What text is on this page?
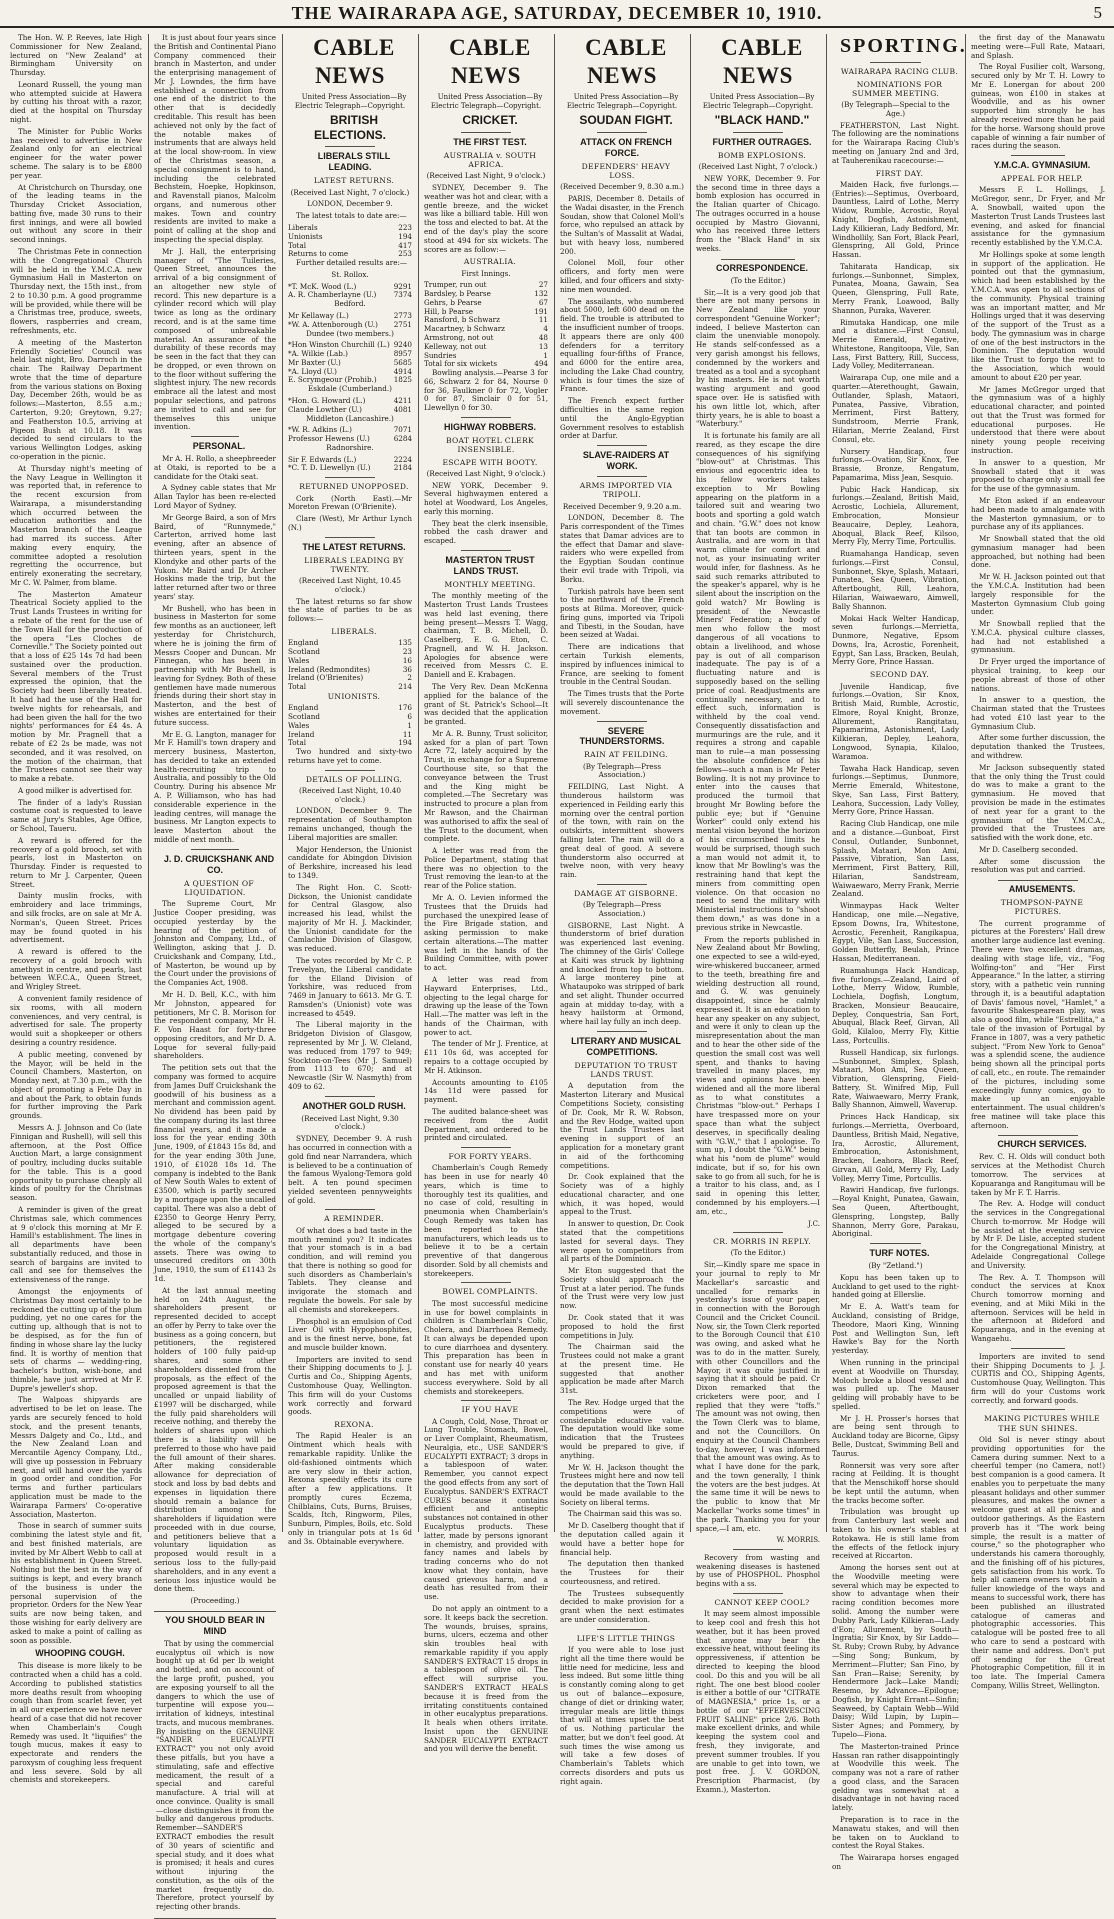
THE WAIRARAPA AGE, SATURDAY, DECEMBER 10, 1910.	5

The Hon. W. P. Reeves, late High Commissioner for New Zealand, lectured on "New Zealand" at Birmingham University on Thursday.

Leonard Russell, the young man who attempted suicide at Hawera by cutting his throat with a razor, died at the hospital on Thursday night.

The Minister for Public Works has received to advertise in New Zealand only for an electrical engineer for the water power scheme. The salary is to be £800 per year.

At Christchurch on Thursday, one of the leading teams in the Thursday Cricket Association, batting five, made 30 runs to their first innings, and were all bowled out without any score in their second innings.

The Christmas Fete in connection with the Congregational Church will be held in the Y.M.C.A. new Gymnasium Hall in Masterton on Thursday next, the 15th inst., from 2 to 10.30 p.m. A good programme will be provided, while there will be a Christmas tree, produce, sweets, flowers, raspberries and cream, refreshments, etc.

A meeting of the Masterton Friendly Societies' Council was held last night, Bro. Darroch in the chair. The Railway Department wrote that the time of departure from the various stations on Boxing Day, December 26th, would be as follows:—Masterton, 8.55 a.m.; Carterton, 9.20; Greytown, 9.27; and Featherston 10.5, arriving at Pigeon Bush at 10.18. It was decided to send circulars to the various Wellington Lodges, asking co-operation in the picnic.

At Thursday night's meeting of the Navy League in Wellington it was reported that, in reference to the recent excursion from Wairarapa, a misunderstanding which occurred between the education authorities and the Masterton branch of the League had marred its success. After making every enquiry, the committee adopted a resolution regretting the occurrence, but entirely exonerating the secretary, Mr C. W. Palmer, from blame.

The Masterton Amateur Theatrical Society applied to the Trust Lands Trustees in writing for a rebate of the rent for the use of the Town Hall for the production of the opera "Les Cloches de Corneville." The Society pointed out that a loss of £25 14s 7d had been sustained over the production. Several members of the Trust expressed the opinion, that the Society had been liberally treated. It had had the use of the Hall for twelve nights for rehearsals, and had been given the hall for the two nights' performances for £4 4s. A motion by Mr. Pragnell that a rebate of £2 2s be made, was not seconded, and it was resolved, on the motion of the chairman, that the Trustees cannot see their way to make a rebate.

A good milker is advertised for.

The finder of a lady's Russian costume coat is requested to leave same at Jury's Stables, Age Office, or School, Taueru.

A reward is offered for the recovery of a gold brooch, set with pearls, lost in Masterton on Thursday. Finder is requested to return to Mr J. Carpenter, Queen Street.

Dainty muslin frocks, with embroidery and lace trimmings, and silk frocks, are on sale at Mr A. Norman's, Queen Street. Prices may be found quoted in his advertisement.

A reward is offered to the recovery of a gold brooch with amethyst in centre, and pearls, last between W.F.C.A., Queen Street, and Wrigley Street.

A convenient family residence of six rooms, with all modern conveniences, and very central, is advertised for sale. The property would suit a shopkeeper or others desiring a country residence.

A public meeting, convened by the Mayor, will be held in the Council Chambers, Masterton, on Monday next, at 7.30 p.m., with the object of promoting a Fete Day in and about the Park, to obtain funds for further improving the Park grounds.

Messrs A. J. Johnson and Co (late Finnigan and Rushell), will sell this afternoon, at the Post Office Auction Mart, a large consignment of poultry, including ducks suitable for the table. This is a good opportunity to purchase cheaply all kinds of poultry for the Christmas season.

A reminder is given of the great Christmas sale, which commences at 9 o'clock this morning at Mr F. Hamill's establishment. The lines in all departments have been substantially reduced, and those in search of bargains are invited to call and see for themselves the extensiveness of the range.

Amongst the enjoyments of Christmas Day most certainly to be reckoned the cutting up of the plum pudding, yet no one cares for the cutting up, although that is not to be despised, as for the fun of finding in whose share lay the lucky find. It is worthy of mention that sets of charms — wedding-ring, bachelor's button, wish-bone, and thimble, have just arrived at Mr F. Dupre's jeweller's shop.

The Walpoas shipyards are advertised to be let on lease. The yards are securely fenced to hold stock, and the present tenants, Messrs Dalgety and Co., Ltd., and the New Zealand Loan and Mercantile Agency Company, Ltd., will give up possession in February next, and will hand over the yards in good order and condition. For terms and further particulars application must be made to the Wairarapa Farmers' Co-operative Association, Masterton.

Those in search of summer suits combining the latest style and fit, and best finished materials, are invited by Mr Albert Webb to call at his establishment in Queen Street. Nothing but the best in the way of suitings is kept, and every branch of the business is under the personal supervision of the proprietor. Orders for the New Year suits are now being taken, and those wishing for early delivery are asked to make a point of calling as soon as possible.

WHOOPING COUGH.

This disease is more likely to be contracted when a child has a cold. According to published statistics more deaths result from whooping cough than from scarlet fever, yet in all our experience we have never heard of a case that did not recover when Chamberlain's Cough Remedy was used. It "liquifies" the tough mucus, makes it easy to expectorate and renders the paroxysm of coughing less frequent and less severe. Sold by all chemists and storekeepers.

It is just about four years since the British and Continental Piano Company commenced their branch in Masterton, and under the enterprising management of Mr J. Lowndes, the firm have established a connection from one end of the district to the other that is decidedly creditable. This result has been achieved not only by the fact of the notable makes of instruments that are always held at the local show-room. In view of the Christmas season, a special consignment is to hand, including the celebrated Bechstein, Hoepke, Hopkinson, and Ravenstall pianos, Malcolm organs, and numerous other makes. Town and country residents are invited to make a point of calling at the shop and inspecting the special display.

Mr J. Hall, the enterprising manager of "The Tuileries, Queen Street, announces the arrival of a big consignment of an altogether new style of record. This new departure is a cylinder record which will play twice as long as the ordinary record, and is at the same time composed of unbreakable material. An assurance of the durability of these records may be seen in the fact that they can be dropped, or even thrown on to the floor without suffering the slightest injury. The new records embrace all the latest and most popular selections, and patrons are invited to call and see for themselves this unique invention.

PERSONAL.

Mr A. H. Rollo, a sheepbreeder at Otaki, is reported to be a candidate for the Otaki seat.

A Sydney cable states that Mr Allan Taylor has been re-elected Lord Mayor of Sydney.

Mr George Baird, a son of Mrs Baird, of "Runnymede," Carterton, arrived home last evening, after an absence of thirteen years, spent in the Klondyke and other parts of the Yukon. Mr Baird and Dr Archer Hoskins made the trip, but the latter returned after two or three years' stay.

Mr Bushell, who has been in business in Masterton for some few months as an auctioneer, left yesterday for Christchurch, where he is joining the firm of Messrs Cooper and Duncan. Mr Finnegan, who has been in partnership with Mr Bushell, is leaving for Sydney. Both of these gentlemen have made numerous friends during their short stay in Masterton, and the best of wishes are entertained for their future success.

Mr E. G. Langton, manager for Mr F. Hamill's town drapery and mercery business, Masterton, has decided to take an extended health-recruiting trip to Australia, and possibly to the Old Country. During his absence Mr A. P. Williamson, who has had considerable experience in the leading centres, will manage the business. Mr Langton expects to leave Masterton about the middle of next month.

J. D. CRUICKSHANK AND CO.

A QUESTION OF LIQUIDATION.

The Supreme Court, Mr Justice Cooper presiding, was occupied yesterday by the hearing of the petition of Johnston and Company, Ltd., of Wellington, asking that J. D. Cruickshank and Company, Ltd., of Masterton, be wound up by the Court under the provisions of the Companies Act, 1908.

Mr H. D. Bell, K.C., with him Mr Johnston, appeared for petitioners, Mr C. B. Morison for the respondent company, Mr H. F. Von Haast for forty-three opposing creditors, and Mr D. A. Loque for several fully-paid shareholders.

The petition sets out that the company was formed to acquire from James Duff Cruickshank the goodwill of his business as a merchant and commission agent. No dividend has been paid by the company during its last three financial years, and it made a loss for the year ending 30th June, 1909, of £1843 15s 8d, and for the year ending 30th June, 1910, of £1028 18s 1d. The company is indebted to the Bank of New South Wales to extent of £3500, which is partly secured by a mortgage upon the uncalled capital. There was also a debt of £2350 to George Henry Perry, alleged to be secured by a mortgage debenture covering the whole of the company's assets. There was owing to unsecured creditors on 30th June, 1910, the sum of £1143 2s 1d.

At the last annual meeting held on 24th August, the shareholders present or represented decided to accept an offer by Perry to take over the business as a going concern, but petitioners, the registered holders of 100 fully paid-up shares, and some other shareholders dissented from the proposals, as the effect of the proposed agreement is that the uncalled or unpaid liability of £1997 will be discharged, while the fully paid shareholders will receive nothing, and thereby the holders of shares upon which there is a liability will be preferred to those who have paid the full amount of their shares. After making considerable allowance for depreciation of stock and loss by bad debts and expenses in liquidation there should remain a balance for distribution among the shareholders if liquidation were proceeded with in due course, and petitioners believe that a voluntary liquidation as proposed would result in a serious loss to the fully-paid shareholders, and in any event a serious loss injustice would be done them.

(Proceeding.)

YOU SHOULD BEAR IN MIND

That by using the commercial eucalyptus oil which is now bought up at 6d per lb weight and bottled, and on account of the large profit, pushed, you are exposing yourself to all the dangers to which the use of turpentine will expose you—irritation of kidneys, intestinal tracts, and mucous membranes. By insisting on the GENUINE "SANDER EUCALYPTI EXTRACT" you not only avoid these pitfalls, but you have a stimulating, safe and effective medicament, the result of a special and careful manufacture. A trial will at once convince. Quality is small—close distinguishes it from the bulky and dangerous products. Remember—SANDER'S EXTRACT embodies the result of 30 years of scientific and special study, and it does what is promised; it heals and cures without injuring the constitution, as the oils of the market frequently do. Therefore, protect yourself by rejecting other brands.

CABLE NEWS

United Press Association—By Electric Telegraph—Copyright.

BRITISH ELECTIONS.

LIBERALS STILL LEADING.

LATEST RETURNS.

(Received Last Night, 7 o'clock.)

LONDON, December 9.

The latest totals to date are:—

Liberals	223
Unionists	194
Total	417
Returns to come	253

Further detailed results are:—

St. Rollox.

*T. McK. Wood (L.)	9291
A. R. Chamberlayne (U.)	7374

Bedford.

Mr Kellaway (L.)	2773
*W. A. Attenborough (U.)	2751

Dundee (two members.)

*Hon Winston Churchill (L.)	9240
*A. Wilkie (Lab.)	8957
Mr Baxter (U.)	5685
*A. Lloyd (U.)	4914
E. Scrymgeour (Prohib.)	1825

Eskdale (Cumberland.)

*Hon. G. Howard (L.)	4211
Claude Lowther (U.)	4081

Middleton (Lancashire.)

*W. R. Adkins (L.)	7071
Professor Hewens (U.)	6284

Radnorshire.

Sir F. Edwards (L.)	2224
*C. T. D. Llewellyn (U.)	2184

RETURNED UNOPPOSED.

Cork (North East).—Mr Moreton Frewan (O'Brienite).

Clare (West), Mr Arthur Lynch (N.)

THE LATEST RETURNS.

LIBERALS LEADING BY TWENTY.

(Received Last Night, 10.45 o'clock.)

The latest returns so far show the state of parties to be as follows:—

LIBERALS.

England	135
Scotland	23
Wales	16
Ireland (Redmondites)	36
Ireland (O'Brienites)	2
Total	214

UNIONISTS.

England	176
Scotland	6
Wales	1
Ireland	11
Total	194

Two hundred and sixty-two returns have yet to come.

DETAILS OF POLLING.

(Received Last Night, 10.40 o'clock.)

LONDON, December 9. The representation of Southampton remains unchanged, though the Liberal majorities are smaller.

Major Henderson, the Unionist candidate for Abingdon Division of Berkshire, increased his lead to 1349.

The Right Hon. C. Scott-Dickson, the Unionist candidate for Central Glasgow, also increased his lead, whilst the majority of Mr H. J. Mackinder, the Unionist candidate for the Camlachie Division of Glasgow, was reduced.

The votes recorded by Mr C. P. Trevelyan, the Liberal candidate for the Elland Division of Yorkshire, was reduced from 7469 in January to 6613. Mr G. T. Ramsden's (Unionist) vote was increased to 4549.

The Liberal majority in the Bridgeton Division of Glasgow, represented by Mr J. W. Cleland, was reduced from 1797 to 949; Stockton-on-Tees (Mr J. Samuel) from 1113 to 670; and at Newcastle (Sir W. Nasmyth) from 409 to 62.

ANOTHER GOLD RUSH.

(Received Last Night, 9.30 o'clock.)

SYDNEY, December 9. A rush has occurred in connection with a gold find near Narrandera, which is believed to be a continuation of the famous Wyalong-Temora gold belt. A ten pound specimen yielded seventeen pennyweights of gold.

A REMINDER.

Of what does a bad taste in the mouth remind you? It indicates that your stomach is in a bad condition, and will remind you that there is nothing so good for such disorders as Chamberlain's Tablets. They cleanse and invigorate the stomach and regulate the bowels. For sale by all chemists and storekeepers.

Phosphol is an emulsion of Cod Liver Oil with Hypophosphites, and is the finest nerve, bone, fat and muscle builder known.

Importers are invited to send their Shipping documents to J. J. Curtis and Co., Shipping Agents, Customhouse Quay, Wellington. This firm will do your Customs work correctly and forward goods.

REXONA.

The Rapid Healer is an Ointment which heals with remarkable rapidity. Unlike the old-fashioned ointments which are very slow in their action, Rexona speedily effects its cure after a few applications. It promptly cures Eczema, Chilblains, Cuts, Burns, Bruises, Scalds, Itch, Ringworm, Piles, Sunburn, Pimples, Boils, etc. Sold only in triangular pots at 1s 6d and 3s. Obtainable everywhere.

CABLE NEWS

United Press Association—By Electric Telegraph—Copyright.

CRICKET.

THE FIRST TEST.

AUSTRALIA v. SOUTH AFRICA.

(Received Last Night, 9 o'clock.)

SYDNEY, December 9. The weather was hot and clear, with a gentle breeze, and the wicket was like a billiard table. Hill won the toss and elected to bat. At the end of the day's play the score stood at 494 for six wickets. The scores are as follow:—

AUSTRALIA.

First Innings.

Trumper, run out	27
Bardsley, b Pearse	132
Gehrs, b Pearse	67
Hill, b Pearse	191
Ransford, b Schwarz	11
Macartney, b Schwarz	4
Armstrong, not out	48
Kelleway, not out	13
Sundries	1
Total for six wickets	494

Bowling analysis.—Pearse 3 for 66, Schwarz 2 for 84, Nourse 0 for 36, Faulkner 0 for 72, Vogler 0 for 87, Sinclair 0 for 51, Llewellyn 0 for 30.

HIGHWAY ROBBERS.

BOAT HOTEL CLERK INSENSIBLE.

ESCAPE WITH BOOTY.

(Received Last Night, 9 o'clock.)

NEW YORK, December 9. Several highwaymen entered a hotel at Woodward, Los Angeles, early this morning.

They beat the clerk insensible, robbed the cash drawer and escaped.

MASTERTON TRUST LANDS TRUST.

MONTHLY MEETING.

The monthly meeting of the Masterton Trust Lands Trustees was held last evening, there being present—Messrs T. Wagg, chairman, T. B. Michell, D. Caselberg, E. G. Eton, C. Pragnell, and W. H. Jackson. Apologies for absence were received from Messrs C. E. Daniell and E. Krabagen.

The Very Rev. Dean McKenna applied for the balance of the grant of St. Patrick's School—It was decided that the application be granted.

Mr A. R. Bunny, Trust solicitor, asked for a plan of part Town Acre 72, lately acquired by the Trust, in exchange for a Supreme Courthouse site, so that the conveyance between the Trust and the King might be completed.—The Secretary was instructed to procure a plan from Mr Rawson, and the Chairman was authorised to affix the seal of the Trust to the document, when complete.

A letter was read from the Police Department, stating that there was no objection to the Trust removing the lean-to at the rear of the Police station.

Mr A. O. Levien informed the Trustees that the Druids had purchased the unexpired lease of the Fire Brigade station, and asking permission to make certain alterations.—The matter was left in the hands of the Building Committee, with power to act.

A letter was read from Hayward Enterprises, Ltd., objecting to the legal charge for drawing up the lease of the Town Hall.—The matter was left in the hands of the Chairman, with power to act.

The tender of Mr J. Frentice, at £11 10s 6d, was accepted for repairs to a cottage occupied by Mr H. Atkinson.

Accounts amounting to £105 14s 11d were passed for payment.

The audited balance-sheet was received from the Audit Department, and ordered to be printed and circulated.

FOR FORTY YEARS.

Chamberlain's Cough Remedy has been in use for nearly 40 years, which is time to thoroughly test its qualities, and no case of cold, resulting in pneumonia when Chamberlain's Cough Remedy was taken has been reported to the manufacturers, which leads us to believe it to be a certain preventive of that dangerous disorder. Sold by all chemists and storekeepers.

BOWEL COMPLAINTS.

The most successful medicine in use for bowel complaints in children is Chamberlain's Colic, Cholera, and Diarrhoea Remedy. It can always be depended upon to cure diarrhoea and dysentery. This preparation has been in constant use for nearly 40 years and has met with uniform success everywhere. Sold by all chemists and storekeepers.

IF YOU HAVE

A Cough, Cold, Nose, Throat or Lung Trouble, Stomach, Bowel, or Liver Complaint, Rheumatism, Neuralgia, etc., USE SANDER'S EUCALYPTI EXTRACT; 3 drops in a tablespoon of water. Remember, you cannot expect the good effects from any sort of Eucalyptus. SANDER'S EXTRACT CURES because it contains efficient and antiseptic substances not contained in other Eucalyptus products. These latter, made by persons ignorant in chemistry, and provided with fancy names and labels by trading concerns who do not know what they contain, have caused grievous harm, and a death has resulted from their use.

Do not apply an ointment to a sore. It keeps back the secretion. The wounds, bruises, sprains, burns, ulcers, eczema and other skin troubles heal with remarkable rapidity if you apply SANDER'S EXTRACT 15 drops in a tablespoon of olive oil. The effect will surprise you. SANDER'S EXTRACT HEALS because it is freed from the irritating constituents contained in other eucalyptus preparations. It heals when others irritate. Insist upon the GENUINE SANDER EUCALYPTI EXTRACT and you will derive the benefit.

CABLE NEWS

United Press Association—By Electric Telegraph—Copyright.

SOUDAN FIGHT.

ATTACK ON FRENCH FORCE.

DEFENDERS' HEAVY LOSS.

(Received December 9, 8.30 a.m.)

PARIS, December 8. Details of the Wadai disaster, in the French Soudan, show that Colonel Moll's force, who repulsed an attack by the Sultan's of Massalit at Wadai, but with heavy loss, numbered 200.

Colonel Moll, four other officers, and forty men were killed, and four officers and sixty-nine men wounded.

The assailants, who numbered about 5000, left 600 dead on the field. The trouble is attributed to the insufficient number of troops. It appears there are only 400 defenders for a territory equalling four-fifths of France, and 6000 for the entire area, including the Lake Chad country, which is four times the size of France.

The French expect further difficulties in the same region until the Anglo-Egyptian Government resolves to establish order at Darfur.

SLAVE-RAIDERS AT WORK.

ARMS IMPORTED VIA TRIPOLI.

Received December 9, 9.20 a.m.

LONDON, December 8. The Paris correspondent of the Times states that Damar advices are to the effect that Damar and slave-raiders who were expelled from the Egyptian Soudan continue their evil trade with Tripoli, via Borku.

Turkish patrols have been sent to the northward of the French posts at Bilma. Moreover, quick-firing guns, imported via Tripoli and Tibesti, in the Soudan, have been seized at Wadai.

There are indications that certain Turkish elements, inspired by influences inimical to France, are seeking to foment trouble in the Central Soudan.

The Times trusts that the Porte will severely discountenance the movement.

SEVERE THUNDERSTORMS.

RAIN AT FEILDING.

(By Telegraph—Press Association.)

FEILDING, Last Night. A thunderous hailstorm was experienced in Feilding early this morning over the central portion of the town, with rain on the outskirts, intermittent showers falling later. The rain will do a great deal of good. A severe thunderstorm also occurred at twelve noon, with very heavy rain.

DAMAGE AT GISBORNE.

(By Telegraph—Press Association.)

GISBORNE, Last Night. A thunderstorm of brief duration was experienced last evening. The chimney of the Girls' College at Kaiti was struck by lightning and knocked from top to bottom. A large monterey pine at Whataupoko was stripped of bark and set alight. Thunder occurred again at midday to-day, with a heavy hailstorm at Ormond, where hail lay fully an inch deep.

LITERARY AND MUSICAL COMPETITIONS.

DEPUTATION TO TRUST LANDS TRUST.

A deputation from the Masterton Literary and Musical Competitions Society, consisting of Dr. Cook, Mr R. W. Robson, and the Rev Hodge, waited upon the Trust Lands Trustees last evening in support of an application for a monetary grant in aid of the forthcoming competitions.

Dr. Cook explained that the Society was of a highly educational character, and one which, it was hoped, would appeal to the Trust.

In answer to question, Dr. Cook stated that the competitions lasted for several days. They were open to competitors from all parts of the Dominion.

Mr Eton suggested that the Society should approach the Trust at a later period. The funds of the Trust were very low just now.

Dr. Cook stated that it was proposed to hold the first competitions in July.

The Chairman said the Trustees could not make a grant at the present time. He suggested that another application be made after March 31st.

The Rev. Hodge urged that the competitions were of considerable educative value. The deputation would like some indication that the Trustees would be prepared to give, if anything.

Mr W. H. Jackson thought the Trustees might here and now tell the deputation that the Town Hall would be made available to the Society on liberal terms.

The Chairman said this was so.

Mr D. Caselberg thought that if the deputation called again it would have a better hope for financial help.

The deputation then thanked the Trustees for their courteousness, and retired.

The Trustees subsequently decided to make provision for a grant when the next estimates are under consideration.

LIFE'S LITTLE THINGS

If you were able to lose just right all the time there would be little need for medicine, less and less indeed. But some little thing is constantly coming along to get us out of balance—exposure, change of diet or drinking water, irregular meals are little things that will at times upset the best of us. Nothing particular the matter, but we don't feel good. At such times the wise among us will take a few doses of Chamberlain's Tablets which corrects disorders and puts us right again.

CABLE NEWS

United Press Association—By Electric Telegraph—Copyright.

"BLACK HAND."

FURTHER OUTRAGES.

BOMB EXPLOSIONS.

(Received Last Night, 7 o'clock.)

NEW YORK, December 9. For the second time in three days a bomb explosion has occurred in the Italian quarter of Chicago. The outrages occurred in a house occupied by Mastro Giovanni, who has received three letters from the "Black Hand" in six weeks.

CORRESPONDENCE.

(To the Editor.)

Sir,—It is a very good job that there are not many persons in New Zealand like your correspondent "Genuine Worker"; indeed, I believe Masterton can claim the unenviable monopoly. He stands self-confessed as a very garish amongst his fellows, condemned by the workers and treated as a tool and a sycophant by his masters. He is not worth wasting argument and good space over. He is satisfied with his own little lot, which, after thirty years, he is able to boast a "Waterbury."

It is fortunate his family are all reared, as they escape the dire consequences of his signifying "blow-out" at Christmas. This envious and egocentric idea to his fellow workers takes exception to Mr Bowling appearing on the platform in a tailored suit and wearing two boots and sporting a gold watch and chain. "G.W." does not know that tan boots are common in Australia, and are worn in that warm climate for comfort and not, as your insinuating writer would infer, for flashness. As he said such remarks attributed to the speaker's apparel, why is he silent about the inscription on the gold watch? Mr Bowling is president of the Newcastle Miners' Federation; a body of men who follow the most dangerous of all vocations to obtain a livelihood, and whose pay is out of all comparison inadequate. The pay is of a fluctuating nature and is supposedly based on the selling price of coal. Readjustments are continually necessary, and to effect such, information is withheld by the coal vend. Consequently dissatisfaction and murmurings are the rule, and it requires a strong and capable man to rule—a man possessing the absolute confidence of his fellows—such a man is Mr Peter Bowling. It is not my province to enter into the causes that produced the turmoil that brought Mr Bowling before the public eye; but if "Genuine Worker" could only extend his mental vision beyond the horizon of his circumscribed limits he would be surprised, though such a man would not admit it, to know that Mr Bowling's was the restraining hand that kept the miners from committing open violence. On that occasion no need to send the military with Ministerial instructions to "shoot them down," as was done in a previous strike in Newcastle.

From the reports published in New Zealand about Mr Bowling, one expected to see a wild-eyed, wire-whiskered buccaneer, armed to the teeth, breathing fire and wielding destruction all round, and G. W. was genuinely disappointed, since he calmly expressed it. It is an education to hear any speaker on any subject, and were it only to clean up the misrepresentation about the man and to hear the other side of the question the small cost was well spent, and thanks to having travelled in many places, my views and opinions have been widened and all the more liberal as to what constitutes a Christmas "blow-out." Perhaps I have trespassed more on your space than what the subject deserves, in specifically dealing with "G.W.," that I apologise. To sum up, I doubt the "G.W." being what his "nom de plume" would indicate, but if so, for his own sake to go from all such, for he is a traitor to his class, and, as I said in opening this letter, condemned by his employers.—I am, etc.,

J.C.

CR. MORRIS IN REPLY.

(To the Editor.)

Sir,—Kindly spare me space in your journal to reply to Mr Mackellar's sarcastic and uncalled for remarks in yesterday's issue of your paper, in connection with the Borough Council and the Cricket Council. Now, sir, the Town Clerk reported to the Borough Council that £10 was owing, and asked what he was to do in the matter. Surely, with other Councillors and the Mayor, it was quite justified in saying that it should be paid. Cr Dixon remarked that the cricketers were poor, and I replied that they were "toffs." The amount was not owing, then the Town Clerk was to blame, and not the Councillors. On enquiry at the Council Chambers to-day, however, I was informed that the amount was owing. As to what I have done for the park, and the town generally, I think the voters are the best judges. At the same time it will be news to the public to know that Mr Mackellar "works some times" in the park. Thanking you for your space,—I am, etc.

W. MORRIS.

Recovery from wasting and weakening diseases is hastened by use of PHOSPHOL. Phosphol begins with a ss.

CANNOT KEEP COOL?

It may seem almost impossible to keep cool and fresh this hot weather, but it has been proved that anyone may bear the excessive heat, without feeling its oppressiveness, if attention be directed to keeping the blood cool. Do this and you will be all right. The one best blood cooler is either a bottle of our "CITRATE of MAGNESIA," price 1s, or a bottle of our "EFFERVESCING FRUIT SALINE" price 2/6. Both make excellent drinks, and while keeping the system cool and fresh, they invigorate, and prevent summer troubles. If you are unable to get into town, we post free. J. V. GORDON, Prescription Pharmacist, (by Examn.), Masterton.

SPORTING.

WAIRARAPA RACING CLUB.

NOMINATIONS FOR SUMMER MEETING.

(By Telegraph—Special to the Age.)

FEATHERSTON, Last Night. The following are the nominations for the Wairarapa Racing Club's meeting on January 2nd and 3rd, at Tauherenikau racecourse:—

FIRST DAY.

Maiden Hack, five furlongs.—(Entries):—Septimus, Overboard, Dauntless, Laird of Lothe, Merry Widow, Rumble, Acrostic, Royal Knight, Dogfish, Astonishment, Lady Kilkieran, Lady Bedford, Mr. Windhollily, San Fort, Black Pearl, Glenspring, All Gold, Prince Hassan.

Tahitarata Handicap, six furlongs.—Sunbonnet, Simplex, Punatea, Moana, Gawain, Sea Queen, Glenspring, Full Rate, Merry Frank, Loawood, Bally Shannon, Puraka, Waverer.

Rimutaka Handicap, one mile and a distance.—First Consul, Merrie Emerald, Negative, Whitestone, Rangitoopa, Vile, San Lass, First Battery, Rill, Success, Lady Volley, Mediterranean.

Wairarapa Cup, one mile and a quarter.—Aterethought, Gawain, Outlander, Splash, Mataori, Punatea, Passive, Vibration, Merriment, First Battery, Sundstroom, Merrie Frank, Hilarian, Merrie Zealand, First Consul, etc.

Nursery Handicap, four furlongs.—Ovation, Sir Knox, Tee Brassie, Bronze, Rengatum, Papamarima, Miss Jean, Sesquio.

Pubic Hack Handicap, six furlongs.—Zealand, British Maid, Acrostic, Lochiela, Allurement, Embrocation, Monsieur Beaucaire, Depley, Leahora, Aboqual, Black Reef, Kilsoo, Merry Fly, Merry Time, Portcullis.

Ruamahanga Handicap, seven furlongs.—First Consul, Sunbonnet, Skye, Splash, Mataari, Punatea, Sea Queen, Vibration, Aftertbought, Rill, Leahora, Hilarian, Waiwaewaro, Aimwell, Bally Shannon.

Mokai Hack Welter Handicap, seven furlongs.—Merrietta, Dunmore, Negative, Epsom Downs, Ira, Acrostic, Forenheit, Egypt, San Lass, Bracken, Beulah, Merry Gore, Prince Hassan.

SECOND DAY.

Juvenile Handicap, five furlongs.—Ovation, Sir Knox, British Maid, Rumble, Acrostic, Elmore, Royal Knight, Bronze, Allurement, Rangitatau, Papamarima, Astonishment, Lady Kilkieran, Depley, Leahora, Longwood, Synapia, Kilaloo, Waramoa.

Tawaha Hack Handicap, seven furlongs.—Septimus, Dunmore, Merrie Emerald, Whitestone, Skye, San Lass, First Battery, Leahora, Succession, Lady Volley, Merry Gore, Prince Hassan.

Racing Club Handicap, one mile and a distance.—Gunboat, First Consul, Outlander, Sunbonnet, Splash, Mataari, Mon Ami, Passive, Vibration, San Lass, Merriment, First Battery, Rill, Hilarian, Sandstream, Waiwaewaro, Merry Frank, Merrie Zealand.

Winmaypas Hack Welter Handicap, one mile.—Negative, Epsom Downs, Ira, Whitestone, Acrostic, Ferenheit, Rangikapua, Egypt, Vile, San Lass, Succession, Golden Butterfly, Beulah, Prince Hassan, Mediterranean.

Ruamahunga Hack Handicap, five furlongs.—Zealand, Laird of Lothe, Merry Widow, Rumble, Lochiela, Dogfish, Longtum, Bracken, Monsieur Beaucaire, Depley, Conquestria, San Fort, Abuqual, Black Reef, Girvan, All Gold, Kilaloo, Merry Fly, Kittie Lass, Portcullis.

Russell Handicap, six furlongs.—Sunbonnet, Simplex, Splash, Mataari, Mon Ami, Sea Queen, Vibration, Glenspring, Field-Battery, St. Winifred Mip, Full Rate, Waiwaewaro, Merry Frank, Bally Shannon, Aimwell, Waverup.

Princes Hack Handicap, six furlongs.—Merrietta, Overboard, Dauntless, British Maid, Negative, Ira, Acrostic, Allurement, Embrocation, Astonishment, Bracken, Leahora, Black Reef, Girvan, All Gold, Merry Fly, Lady Volley, Merry Time, Portcullis.

Rawiri Handicap, five furlongs.—Royal Knight, Punatea, Gawain, Sea Queen, Aftertbought, Glenspring, Longstep, Bally Shannon, Merry Gore, Parakau, Aboriginal.

TURF NOTES.

(By "Zetland.")

Kopu has been taken up to Auckland to get used to the right-handed going at Ellerslie.

Mr E. A. Watt's team for Auckland, consisting of Bridge, Theodore, Maori King, Winning Post and Wellington Sun, left Hawke's Bay for the North yesterday.

When running in the principal event at Woodville on Thursday, Moloch broke a blood vessel and was pulled up. The Mauser gelding will probably have to be spelled.

Mr J. H. Prosser's horses that are being sent through to Auckland today are Bicorne, Gipsy Belle, Dustcat, Swimming Bell and Taurus.

Ronnersit was very sore after racing at Feilding. It is thought that the Menschikoff horse should be kept until the autumn, when the tracks become softer.

Tribulation was brought up from Canterbury last week and taken to his owner's stables at Rotokawa. He is still lame from the effects of the fetlock injury received at Riccarton.

Among the horses sent out at the Woodville meeting were several which may be expected to show to advantage when their racing condition becomes more solid. Among the number were Dubby Park, Lady Kilkieran—Lady d'Eon; Allurement, by South—Ingratia; Sir Knox, by Sir Laddo—St. Ruby; Crown Ruby, by Advance—Sing Song; Bunkum, by Merriment—Flutter; San Fino, by San Fran—Raise; Serenity, by Hendermore Jack—Lake Mandi; Resemo, by Advance—Epilogue; Dogfish, by Knight Errant—Sinfin; Seaweed, by Captain Webb—Wild Daisy; Wild Lupin, by Lupin—Sister Agnes; and Pommery, by Tupelo—Fiona.

The Masterton-trained Prince Hassan ran rather disappointingly at Woodville this week. The company was not a rare of rather a good class, and the Saracen gelding was somewhat at a disadvantage in not having raced lately.

Preparation is to race in the Manawatu stakes, and will then be taken on to Auckland to contest the Royal Stakes.

The Wairarapa horses engaged on

the first day of the Manawatu meeting were—Full Rate, Mataari, and Splash.

The Royal Fusilier colt, Warsong, secured only by Mr T. H. Lowry to Mr E. Lonergan for about 200 guineas, won £100 in stakes at Woodville, and as his owner supported him strongly he has already received more than he paid for the horse. Warsong should prove capable of winning a fair number of races during the season.

Y.M.C.A. GYMNASIUM.

APPEAL FOR HELP.

Messrs F. L. Hollings, J. McGregor, senr., Dr Fryer, and Mr A. Snowball, waited upon the Masterton Trust Lands Trustees last evening, and asked for financial assistance for the gymnasium recently established by the Y.M.C.A.

Mr Hollings spoke at some length in support of the application. He pointed out that the gymnasium, which had been established by the Y.M.C.A. was open to all sections of the community. Physical training was an important matter, and Mr Hollings urged that it was deserving of the support of the Trust as a body. The gymnasium was in charge of one of the best instructors in the Dominion. The deputation would like the Trust to forgo the rent to the Association, which would amount to about £20 per year.

Mr James McGregor urged that the gymnasium was of a highly educational character, and pointed out that the Trust was formed for educational purposes. He understood that there were about ninety young people receiving instruction.

In answer to a question, Mr Snowball stated that it was proposed to charge only a small fee for the use of the gymnasium.

Mr Eton asked if an endeavour had been made to amalgamate with the Masterton gymnasium, or to purchase any of its appliances.

Mr Snowball stated that the old gymnasium manager had been approached, but nothing had been done.

Mr W. H. Jackson pointed out that the Y.M.C.A. Institution had been largely responsible for the Masterton Gymnasium Club going under.

Mr Snowball replied that the Y.M.C.A. physical culture classes, had had not established a gymnasium.

Dr Fryer urged the importance of physical training, to keep our people abreast of those of other nations.

In answer to a question, the Chairman stated that the Trustees had voted £10 last year to the Gymnasium Club.

After some further discussion, the deputation thanked the Trustees, and withdrew.

Mr Jackson subsequently stated that the only thing the Trust could do was to make a grant to the gymnasium. He moved that provision be made in the estimates of next year for a grant to the gymnasium of the Y.M.C.A., provided that the Trustees are satisfied with the work done, etc.

Mr D. Caselberg seconded.

After some discussion the resolution was put and carried.

AMUSEMENTS.

THOMPSON-PAYNE PICTURES.

The current programme of pictures at the Foresters' Hall drew another large audience last evening. There were two excellent dramas, dealing with stage life, viz., "Fog Wolfing-ton" and "Her First Appearance." In the latter, a stirring story, with a pathetic vein running through it, is a beautiful adaptation of Davis' famous novel, "Hamlet," a favourite Shakespearean play, was also a good film, while "Estrellita," a tale of the invasion of Portugal by France in 1807, was a very pathetic subject. "From New York to Genoa" was a splendid scene, the audience being shown all the principal ports of call, etc., en route. The remainder of the pictures, including some exceedingly funny comics, go to make up an enjoyable entertainment. The usual children's free matinee will take place this afternoon.

CHURCH SERVICES.

Rev. C. H. Olds will conduct both services at the Methodist Church tomorrow. The services at Kopuaranga and Rangitumau will be taken by Mr F. T. Harris.

The Rev. A. Hodge will conduct the services in the Congregational Church to-morrow. Mr Hodge will be assisted at the evening service by Mr F. De Lisle, accepted student for the Congregational Ministry, at Adelaide Congregational College and University.

The Rev. A. T. Thompson will conduct the services at Knox Church tomorrow morning and evening, and at Miki Miki in the afternoon. Services will be held in the afternoon at Bideford and Kopuaranga, and in the evening at Wangaehu.

Importers are invited to send their Shipping Documents to J. J. CURTIS and CO., Shipping Agents, Customhouse Quay, Wellington. This firm will do your Customs work correctly, and forward goods.

MAKING PICTURES WHILE THE SUN SHINES.

Old Sol is never stingy about providing opportunities for the Camera during summer. Next to a cheerful temper (no Camera, not!) best companion is a good camera. It enables you to perpetuate the many pleasant holidays and other summer pleasures, and makes the owner a welcome guest at all picnics and outdoor gatherings. As the Eastern proverb has it "The work being simple, the result is a matter of course," so the photographer who understands his camera thoroughly, and the finishing off of his pictures, gets satisfaction from his work. To help all camera owners to obtain a fuller knowledge of the ways and means to successful work, there has been published an illustrated catalogue of cameras and photographic accessories. This catalogue will be posted free to all who care to send a postcard with their name and address. Don't put off sending for the Great Photographic Competition, fill it in too late. The Imperial Camera Company, Willis Street, Wellington.
